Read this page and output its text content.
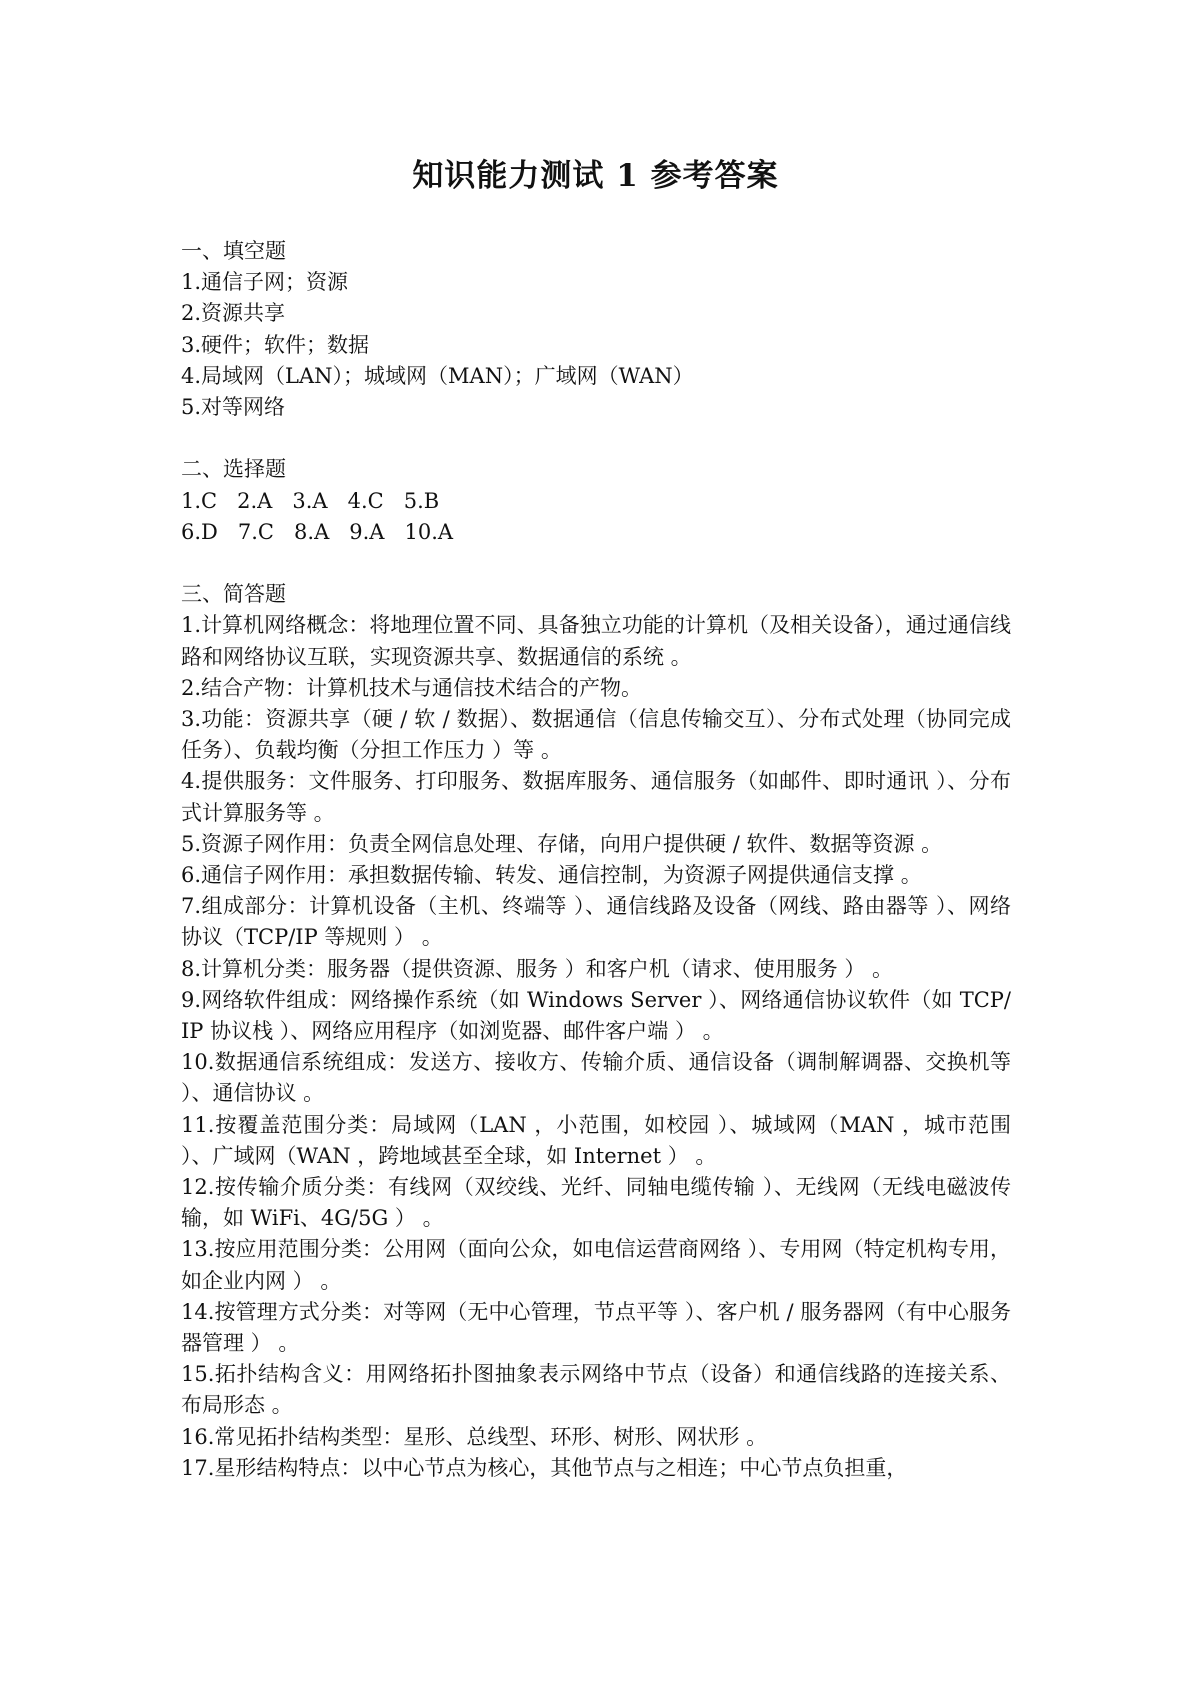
知识能力测试 1 参考答案
一、填空题
1.通信子网；资源
2.资源共享
3.硬件；软件；数据
4.局域网（LAN）；城域网（MAN）；广域网（WAN）
5.对等网络
二、选择题
1.C   2.A   3.A   4.C   5.B
6.D   7.C   8.A   9.A   10.A
三、简答题
1.计算机网络概念：将地理位置不同、具备独立功能的计算机（及相关设备），通过通信线路和网络协议互联，实现资源共享、数据通信的系统 。
2.结合产物：计算机技术与通信技术结合的产物。
3.功能：资源共享（硬 / 软 / 数据）、数据通信（信息传输交互）、分布式处理（协同完成任务）、负载均衡（分担工作压力 ）等 。
4.提供服务：文件服务、打印服务、数据库服务、通信服务（如邮件、即时通讯 ）、分布式计算服务等 。
5.资源子网作用：负责全网信息处理、存储，向用户提供硬 / 软件、数据等资源 。
6.通信子网作用：承担数据传输、转发、通信控制，为资源子网提供通信支撑 。
7.组成部分：计算机设备（主机、终端等 ）、通信线路及设备（网线、路由器等 ）、网络协议（TCP/IP 等规则 ） 。
8.计算机分类：服务器（提供资源、服务 ）和客户机（请求、使用服务 ） 。
9.网络软件组成：网络操作系统（如 Windows Server ）、网络通信协议软件（如 TCP/IP 协议栈 ）、网络应用程序（如浏览器、邮件客户端 ） 。
10.数据通信系统组成：发送方、接收方、传输介质、通信设备（调制解调器、交换机等 ）、通信协议 。
11.按覆盖范围分类：局域网（LAN ，小范围，如校园 ）、城域网（MAN ，城市范围 ）、广域网（WAN ，跨地域甚至全球，如 Internet ） 。
12.按传输介质分类：有线网（双绞线、光纤、同轴电缆传输 ）、无线网（无线电磁波传输，如 WiFi、4G/5G ） 。
13.按应用范围分类：公用网（面向公众，如电信运营商网络 ）、专用网（特定机构专用，如企业内网 ） 。
14.按管理方式分类：对等网（无中心管理，节点平等 ）、客户机 / 服务器网（有中心服务器管理 ） 。
15.拓扑结构含义：用网络拓扑图抽象表示网络中节点（设备）和通信线路的连接关系、布局形态 。
16.常见拓扑结构类型：星形、总线型、环形、树形、网状形 。
17.星形结构特点：以中心节点为核心，其他节点与之相连；中心节点负担重，
